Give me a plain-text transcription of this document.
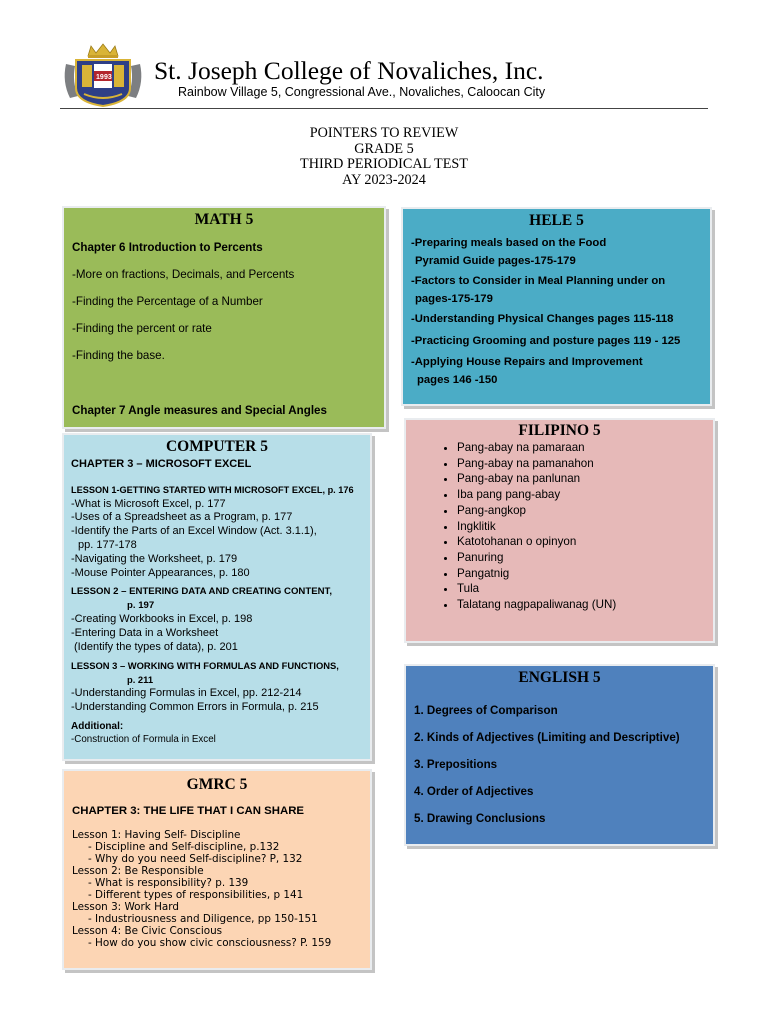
19 93 St. Joseph College of Novaliches, Inc.
Rainbow Village 5, Congressional Ave., Novaliches, Caloocan City
POINTERS TO REVIEW
GRADE 5
THIRD PERIODICAL TEST
AY 2023-2024
MATH 5
Chapter 6 Introduction to Percents
-More on fractions, Decimals, and Percents
-Finding the Percentage of a Number
-Finding the percent or rate
-Finding the base.
Chapter 7 Angle measures and Special Angles
HELE 5
-Preparing meals based on the Food
Pyramid Guide pages-175-179
-Factors to Consider in Meal Planning under on
pages-175-179
-Understanding Physical Changes pages 115-118
-Practicing Grooming and posture pages 119 - 125
-Applying House Repairs and Improvement
pages 146 -150
COMPUTER 5
CHAPTER 3 – MICROSOFT EXCEL
LESSON 1-GETTING STARTED WITH MICROSOFT EXCEL, p. 176
-What is Microsoft Excel, p. 177
-Uses of a Spreadsheet as a Program, p. 177
-Identify the Parts of an Excel Window (Act. 3.1.1),
pp. 177-178
-Navigating the Worksheet, p. 179
-Mouse Pointer Appearances, p. 180
LESSON 2 – ENTERING DATA AND CREATING CONTENT,
p. 197
-Creating Workbooks in Excel, p. 198
-Entering Data in a Worksheet
(Identify the types of data), p. 201
LESSON 3 – WORKING WITH FORMULAS AND FUNCTIONS,
p. 211
-Understanding Formulas in Excel, pp. 212-214
-Understanding Common Errors in Formula, p. 215
Additional:
-Construction of Formula in Excel
FILIPINO 5
• Pang-abay na pamaraan
• Pang-abay na pamanahon
• Pang-abay na panlunan
• Iba pang pang-abay
• Pang-angkop
• Ingklitik
• Katotohanan o opinyon
• Panuring
• Pangatnig
• Tula
• Talatang nagpapaliwanag (UN)
ENGLISH 5
1. Degrees of Comparison
2. Kinds of Adjectives (Limiting and Descriptive)
3. Prepositions
4. Order of Adjectives
5. Drawing Conclusions
GMRC 5
CHAPTER 3: THE LIFE THAT I CAN SHARE
Lesson 1: Having Self- Discipline
- Discipline and Self-discipline, p.132
- Why do you need Self-discipline? P, 132
Lesson 2: Be Responsible
- What is responsibility? p. 139
- Different types of responsibilities, p 141
Lesson 3: Work Hard
- Industriousness and Diligence, pp 150-151
Lesson 4: Be Civic Conscious
- How do you show civic consciousness? P. 159
